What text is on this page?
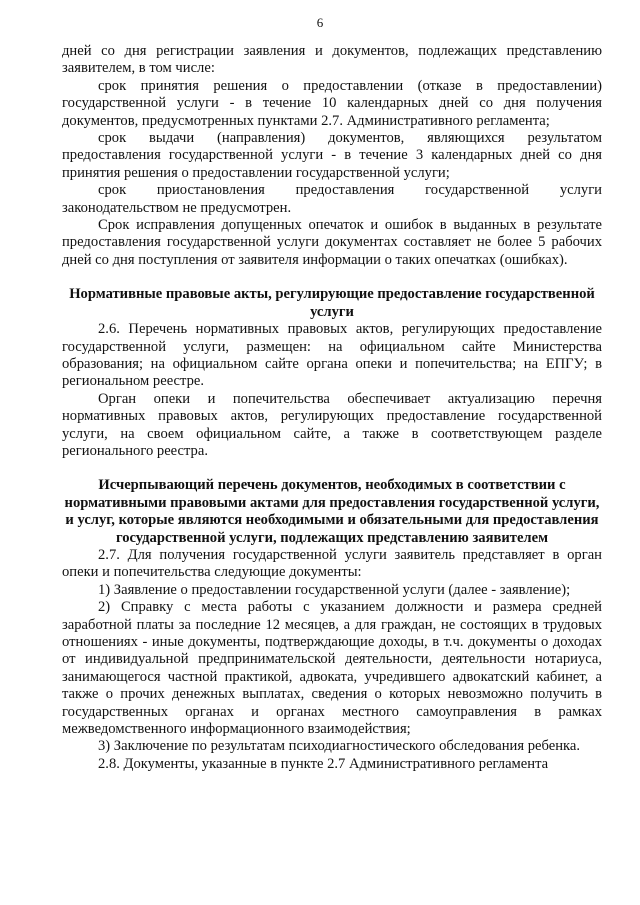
6

дней со дня регистрации заявления и документов, подлежащих представлению заявителем, в том числе:

срок принятия решения о предоставлении (отказе в предоставлении) государственной услуги - в течение 10 календарных дней со дня получения документов, предусмотренных пунктами 2.7. Административного регламента;

срок выдачи (направления) документов, являющихся результатом предоставления государственной услуги - в течение 3 календарных дней со дня принятия решения о предоставлении государственной услуги;

срок приостановления предоставления государственной услуги законодательством не предусмотрен.

Срок исправления допущенных опечаток и ошибок в выданных в результате предоставления государственной услуги документах составляет не более 5 рабочих дней со дня поступления от заявителя информации о таких опечатках (ошибках).

Нормативные правовые акты, регулирующие предоставление государственной услуги

2.6. Перечень нормативных правовых актов, регулирующих предоставление государственной услуги, размещен: на официальном сайте Министерства образования; на официальном сайте органа опеки и попечительства; на ЕПГУ; в региональном реестре.

Орган опеки и попечительства обеспечивает актуализацию перечня нормативных правовых актов, регулирующих предоставление государственной услуги, на своем официальном сайте, а также в соответствующем разделе регионального реестра.

Исчерпывающий перечень документов, необходимых в соответствии с нормативными правовыми актами для предоставления государственной услуги, и услуг, которые являются необходимыми и обязательными для предоставления государственной услуги, подлежащих представлению заявителем

2.7. Для получения государственной услуги заявитель представляет в орган опеки и попечительства следующие документы:

1) Заявление о предоставлении государственной услуги (далее - заявление);

2) Справку с места работы с указанием должности и размера средней заработной платы за последние 12 месяцев, а для граждан, не состоящих в трудовых отношениях - иные документы, подтверждающие доходы, в т.ч. документы о доходах от индивидуальной предпринимательской деятельности, деятельности нотариуса, занимающегося частной практикой, адвоката, учредившего адвокатский кабинет, а также о прочих денежных выплатах, сведения о которых невозможно получить в государственных органах и органах местного самоуправления в рамках межведомственного информационного взаимодействия;

3) Заключение по результатам психодиагностического обследования ребенка.

2.8. Документы, указанные в пункте 2.7 Административного регламента
